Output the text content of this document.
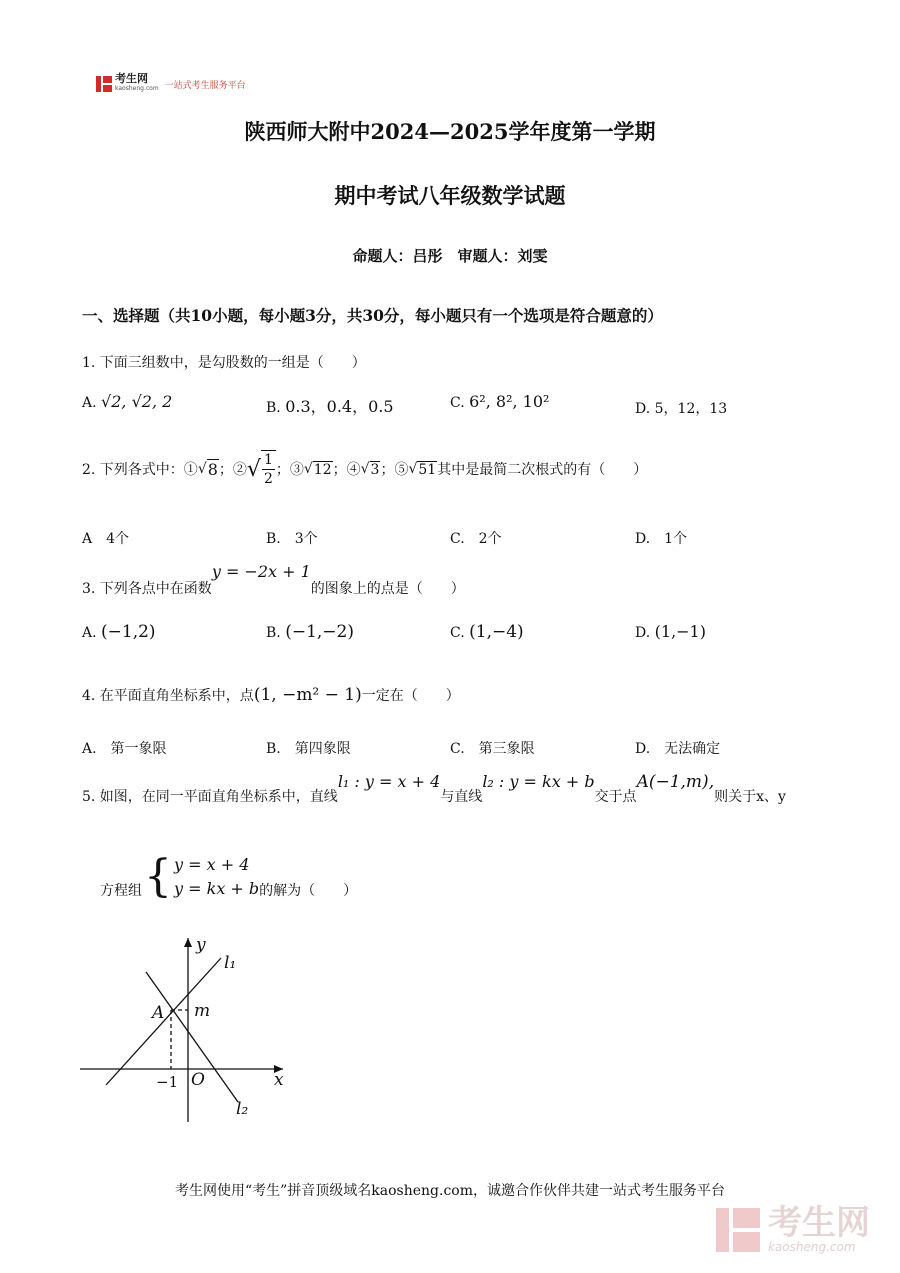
考生网
kaosheng.com 一站式考生服务平台
陕西师大附中2024—2025学年度第一学期
期中考试八年级数学试题
命题人：吕彤　审题人：刘雯
一、选择题（共10小题，每小题3分，共30分，每小题只有一个选项是符合题意的）
1. 下面三组数中，是勾股数的一组是（　　）
A. √2, √2, 2	B. 0.3，0.4，0.5	C. 6², 8², 10²	D. 5，12，13
2. 下列各式中：① √ 8 ；② √ 1
2
；③ √ 12 ；④ √ 3 ；⑤ √ 51 其中是最简二次根式的有（　　）
A　4个	B.　3个	C.　2个	D.　1个
3. 下列各点中在函数
y = −2x + 1
的图象上的点是（　　）
A. (−1,2)	B. (−1,−2)	C. (1,−4)	D. (1,−1)
4. 在平面直角坐标系中，点 (1, −m² − 1) 一定在（　　）
A.　第一象限	B.　第四象限	C.　第三象限	D.　无法确定
5. 如图，在同一平面直角坐标系中，直线
l₁ : y = x + 4
与直线
l₂ : y = kx + b
交于点
A(−1,m),
则关于x、y
方程组 { y = x + 4
y = kx + b 的解为（　　）
y
x
l₁
l₂
A m
O
−1
考生网使用“考生”拼音顶级域名kaosheng.com，诚邀合作伙伴共建一站式考生服务平台
考生网
kaosheng.com
